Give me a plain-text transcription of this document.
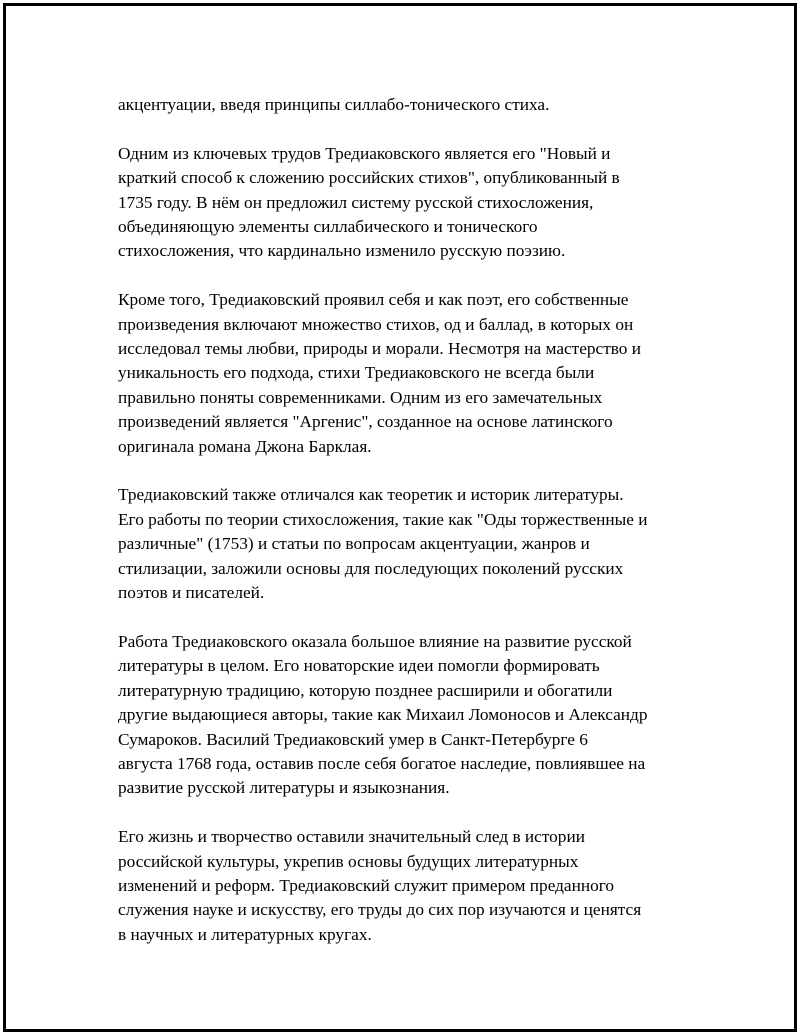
акцентуации, введя принципы силлабо-тонического стиха.

Одним из ключевых трудов Тредиаковского является его "Новый и
краткий способ к сложению российских стихов", опубликованный в
1735 году. В нём он предложил систему русской стихосложения,
объединяющую элементы силлабического и тонического
стихосложения, что кардинально изменило русскую поэзию.

Кроме того, Тредиаковский проявил себя и как поэт, его собственные
произведения включают множество стихов, од и баллад, в которых он
исследовал темы любви, природы и морали. Несмотря на мастерство и
уникальность его подхода, стихи Тредиаковского не всегда были
правильно поняты современниками. Одним из его замечательных
произведений является "Аргенис", созданное на основе латинского
оригинала романа Джона Барклая.

Тредиаковский также отличался как теоретик и историк литературы.
Его работы по теории стихосложения, такие как "Оды торжественные и
различные" (1753) и статьи по вопросам акцентуации, жанров и
стилизации, заложили основы для последующих поколений русских
поэтов и писателей.

Работа Тредиаковского оказала большое влияние на развитие русской
литературы в целом. Его новаторские идеи помогли формировать
литературную традицию, которую позднее расширили и обогатили
другие выдающиеся авторы, такие как Михаил Ломоносов и Александр
Сумароков. Василий Тредиаковский умер в Санкт-Петербурге 6
августа 1768 года, оставив после себя богатое наследие, повлиявшее на
развитие русской литературы и языкознания.

Его жизнь и творчество оставили значительный след в истории
российской культуры, укрепив основы будущих литературных
изменений и реформ. Тредиаковский служит примером преданного
служения науке и искусству, его труды до сих пор изучаются и ценятся
в научных и литературных кругах.
